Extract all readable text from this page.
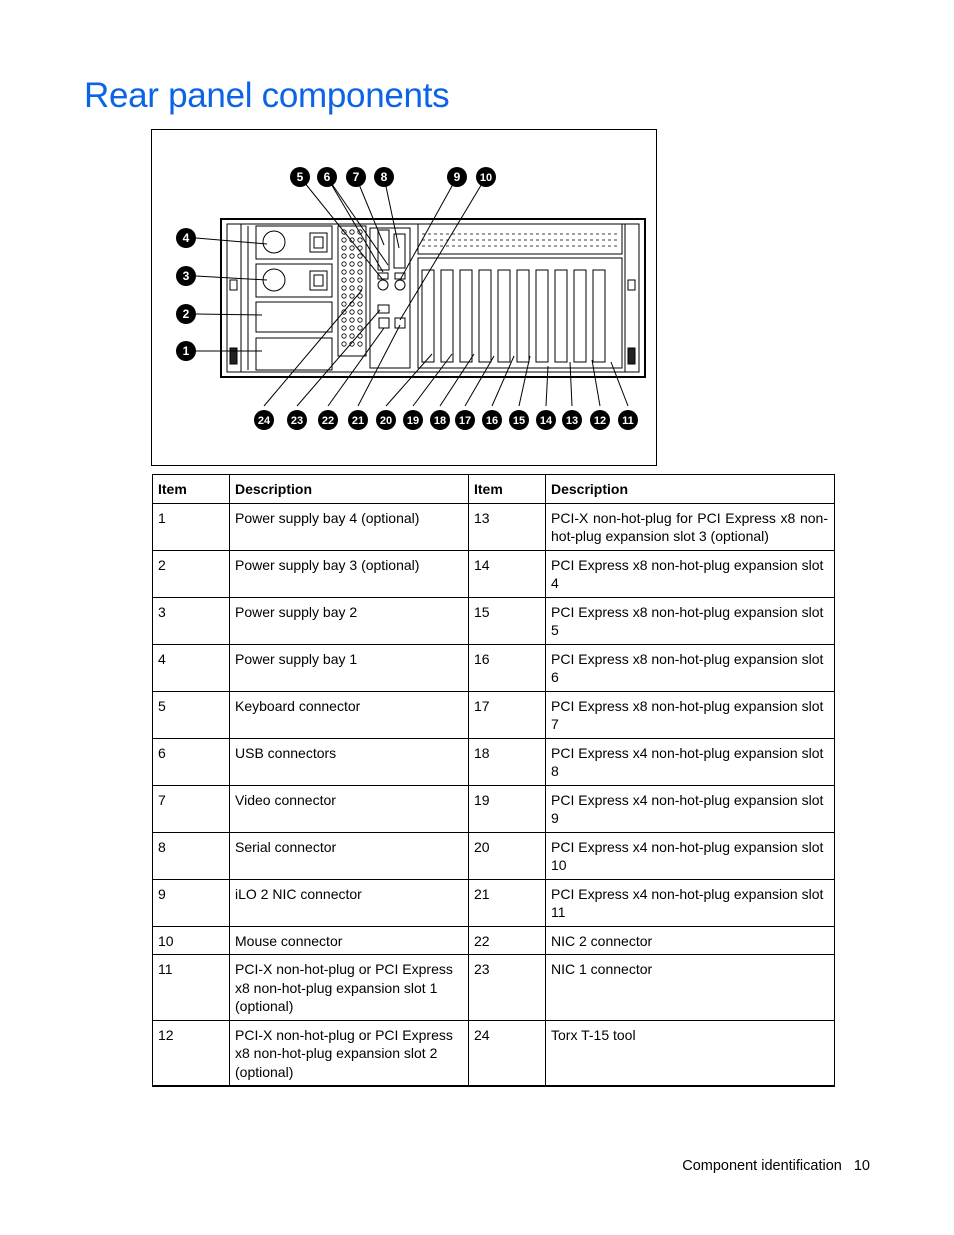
Rear panel components
1
2
3
4
5 6 7 8	9 10
11
12
13
14
15
16
17
18
19
20
21
22
23
24
Item	Description	Item	Description
1	Power supply bay 4 (optional)	13	PCI-X non-hot-plug for PCI Express x8 non-hot-plug expansion slot 3 (optional)
2	Power supply bay 3 (optional)	14	PCI Express x8 non-hot-plug expansion slot 4
3	Power supply bay 2	15	PCI Express x8 non-hot-plug expansion slot 5
4	Power supply bay 1	16	PCI Express x8 non-hot-plug expansion slot 6
5	Keyboard connector	17	PCI Express x8 non-hot-plug expansion slot 7
6	USB connectors	18	PCI Express x4 non-hot-plug expansion slot 8
7	Video connector	19	PCI Express x4 non-hot-plug expansion slot 9
8	Serial connector	20	PCI Express x4 non-hot-plug expansion slot 10
9	iLO 2 NIC connector	21	PCI Express x4 non-hot-plug expansion slot 11
10	Mouse connector	22	NIC 2 connector
11	PCI-X non-hot-plug or PCI Express x8 non-hot-plug expansion slot 1 (optional)	23	NIC 1 connector
12	PCI-X non-hot-plug or PCI Express x8 non-hot-plug expansion slot 2 (optional)	24	Torx T-15 tool
Component identification 10
